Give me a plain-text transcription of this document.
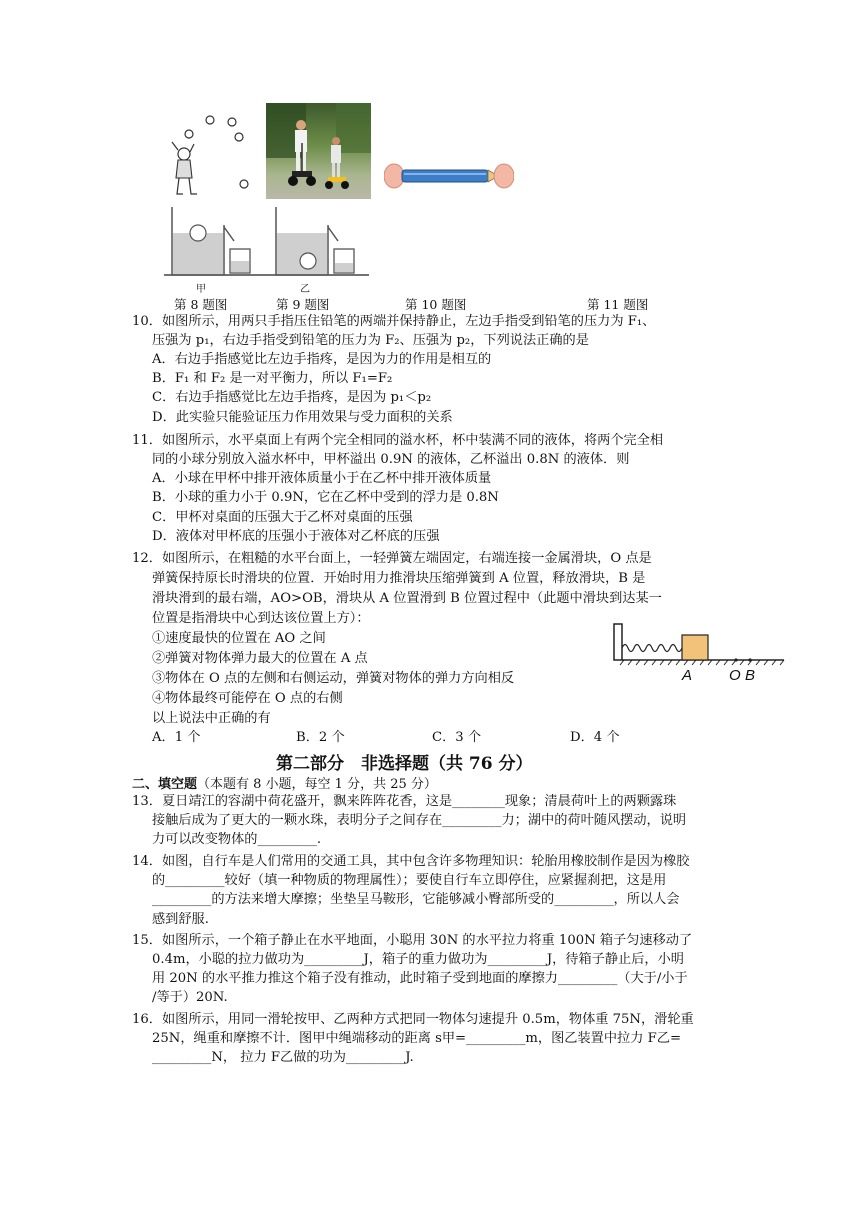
甲	乙
第 8 题图	第 9 题图	第 10 题图	第 11 题图
10．如图所示，用两只手指压住铅笔的两端并保持静止，左边手指受到铅笔的压力为 F₁、
压强为 p₁，右边手指受到铅笔的压力为 F₂、压强为 p₂，下列说法正确的是
A．右边手指感觉比左边手指疼，是因为力的作用是相互的
B．F₁ 和 F₂ 是一对平衡力，所以 F₁=F₂
C．右边手指感觉比左边手指疼，是因为 p₁＜p₂
D．此实验只能验证压力作用效果与受力面积的关系
11．如图所示，水平桌面上有两个完全相同的溢水杯，杯中装满不同的液体，将两个完全相
同的小球分别放入溢水杯中，甲杯溢出 0.9N 的液体，乙杯溢出 0.8N 的液体．则
A．小球在甲杯中排开液体质量小于在乙杯中排开液体质量
B．小球的重力小于 0.9N，它在乙杯中受到的浮力是 0.8N
C．甲杯对桌面的压强大于乙杯对桌面的压强
D．液体对甲杯底的压强小于液体对乙杯底的压强
12．如图所示，在粗糙的水平台面上，一轻弹簧左端固定，右端连接一金属滑块，O 点是
弹簧保持原长时滑块的位置．开始时用力推滑块压缩弹簧到 A 位置，释放滑块，B 是
滑块滑到的最右端，AO>OB，滑块从 A 位置滑到 B 位置过程中（此题中滑块到达某一
位置是指滑块中心到达该位置上方）：
①速度最快的位置在 AO 之间
②弹簧对物体弹力最大的位置在 A 点
③物体在 O 点的左侧和右侧运动，弹簧对物体的弹力方向相反
④物体最终可能停在 O 点的右侧
以上说法中正确的有
A．1 个	B．2 个	C．3 个	D．4 个
A O B
第二部分　非选择题（共 76 分）
二、填空题（本题有 8 小题，每空 1 分，共 25 分）
13．夏日靖江的容湖中荷花盛开，飘来阵阵花香，这是________现象；清晨荷叶上的两颗露珠
接触后成为了更大的一颗水珠，表明分子之间存在_________力；湖中的荷叶随风摆动，说明
力可以改变物体的_________.
14．如图，自行车是人们常用的交通工具，其中包含许多物理知识：轮胎用橡胶制作是因为橡胶
的_________较好（填一种物质的物理属性）；要使自行车立即停住，应紧握刹把，这是用
_________的方法来增大摩擦；坐垫呈马鞍形，它能够减小臀部所受的_________，所以人会
感到舒服.
15．如图所示，一个箱子静止在水平地面，小聪用 30N 的水平拉力将重 100N 箱子匀速移动了
0.4m，小聪的拉力做功为_________J，箱子的重力做功为_________J，待箱子静止后，小明
用 20N 的水平推力推这个箱子没有推动，此时箱子受到地面的摩擦力_________（大于/小于
/等于）20N.
16．如图所示，用同一滑轮按甲、乙两种方式把同一物体匀速提升 0.5m，物体重 75N，滑轮重
25N，绳重和摩擦不计．图甲中绳端移动的距离 s甲=_________m，图乙装置中拉力 F乙=
_________N， 拉力 F乙做的功为_________J.
